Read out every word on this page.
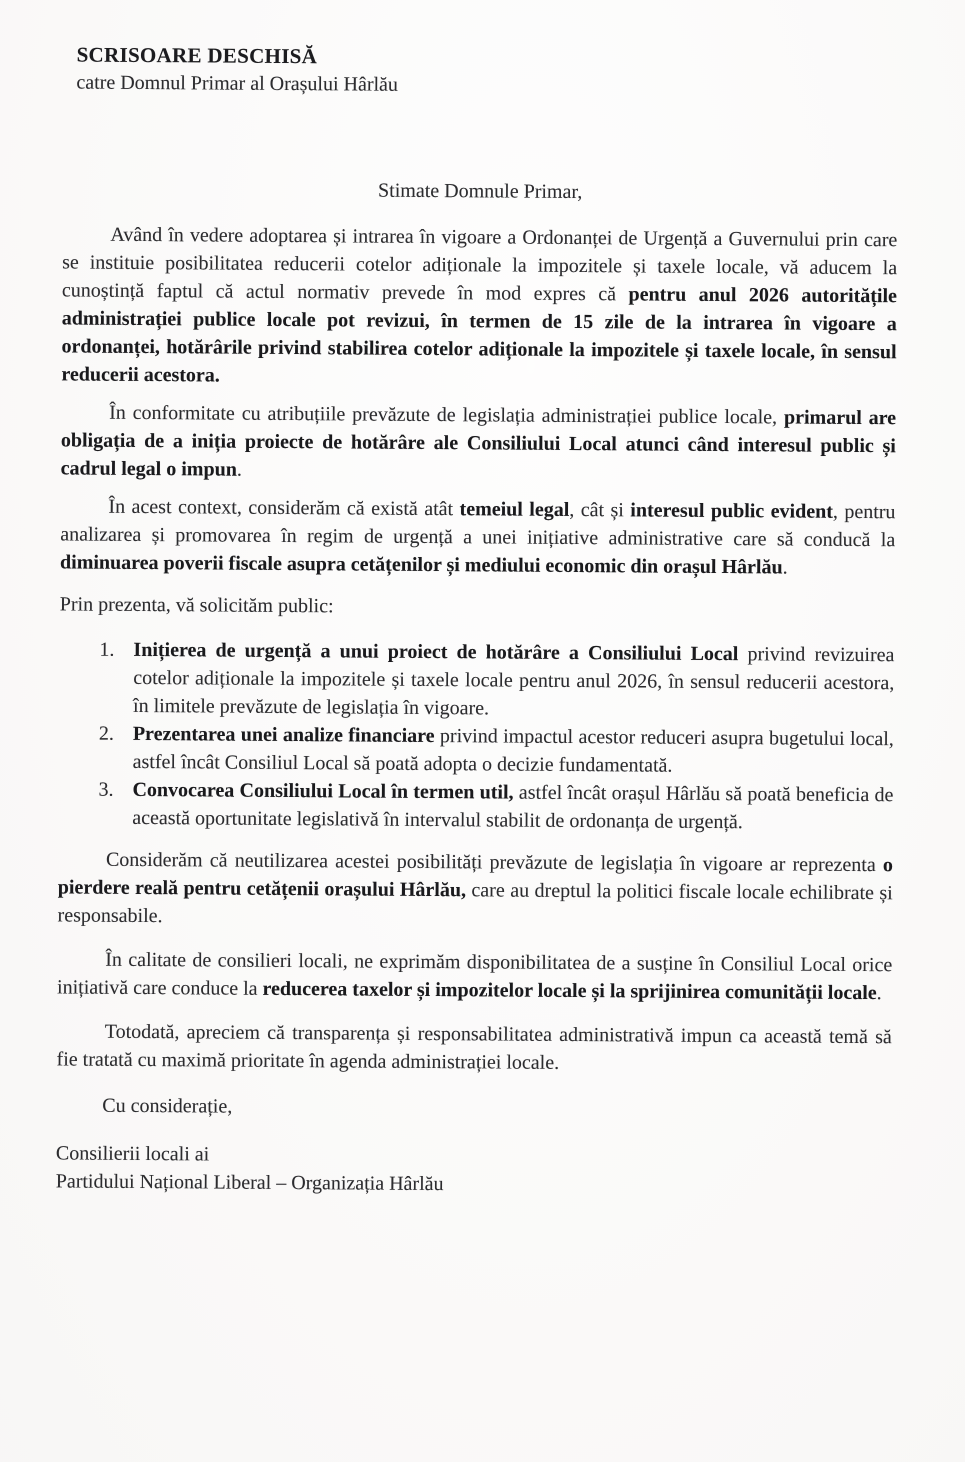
SCRISOARE DESCHISĂ
catre Domnul Primar al Orașului Hârlău

Stimate Domnule Primar,

Având în vedere adoptarea și intrarea în vigoare a Ordonanței de Urgență a Guvernului prin care se instituie posibilitatea reducerii cotelor adiționale la impozitele și taxele locale, vă aducem la cunoștință faptul că actul normativ prevede în mod expres că pentru anul 2026 autoritățile administrației publice locale pot revizui, în termen de 15 zile de la intrarea în vigoare a ordonanței, hotărârile privind stabilirea cotelor adiționale la impozitele și taxele locale, în sensul reducerii acestora.

În conformitate cu atribuțiile prevăzute de legislația administrației publice locale, primarul are obligația de a iniția proiecte de hotărâre ale Consiliului Local atunci când interesul public și cadrul legal o impun.

În acest context, considerăm că există atât temeiul legal, cât și interesul public evident, pentru analizarea și promovarea în regim de urgență a unei inițiative administrative care să conducă la diminuarea poverii fiscale asupra cetățenilor și mediului economic din orașul Hârlău.

Prin prezenta, vă solicităm public:

1. Inițierea de urgență a unui proiect de hotărâre a Consiliului Local privind revizuirea cotelor adiționale la impozitele și taxele locale pentru anul 2026, în sensul reducerii acestora, în limitele prevăzute de legislația în vigoare.
2. Prezentarea unei analize financiare privind impactul acestor reduceri asupra bugetului local, astfel încât Consiliul Local să poată adopta o decizie fundamentată.
3. Convocarea Consiliului Local în termen util, astfel încât orașul Hârlău să poată beneficia de această oportunitate legislativă în intervalul stabilit de ordonanța de urgență.

Considerăm că neutilizarea acestei posibilități prevăzute de legislația în vigoare ar reprezenta o pierdere reală pentru cetățenii orașului Hârlău, care au dreptul la politici fiscale locale echilibrate și responsabile.

În calitate de consilieri locali, ne exprimăm disponibilitatea de a susține în Consiliul Local orice inițiativă care conduce la reducerea taxelor și impozitelor locale și la sprijinirea comunității locale.

Totodată, apreciem că transparența și responsabilitatea administrativă impun ca această temă să fie tratată cu maximă prioritate în agenda administrației locale.

Cu considerație,

Consilierii locali ai
Partidului Național Liberal – Organizația Hârlău
